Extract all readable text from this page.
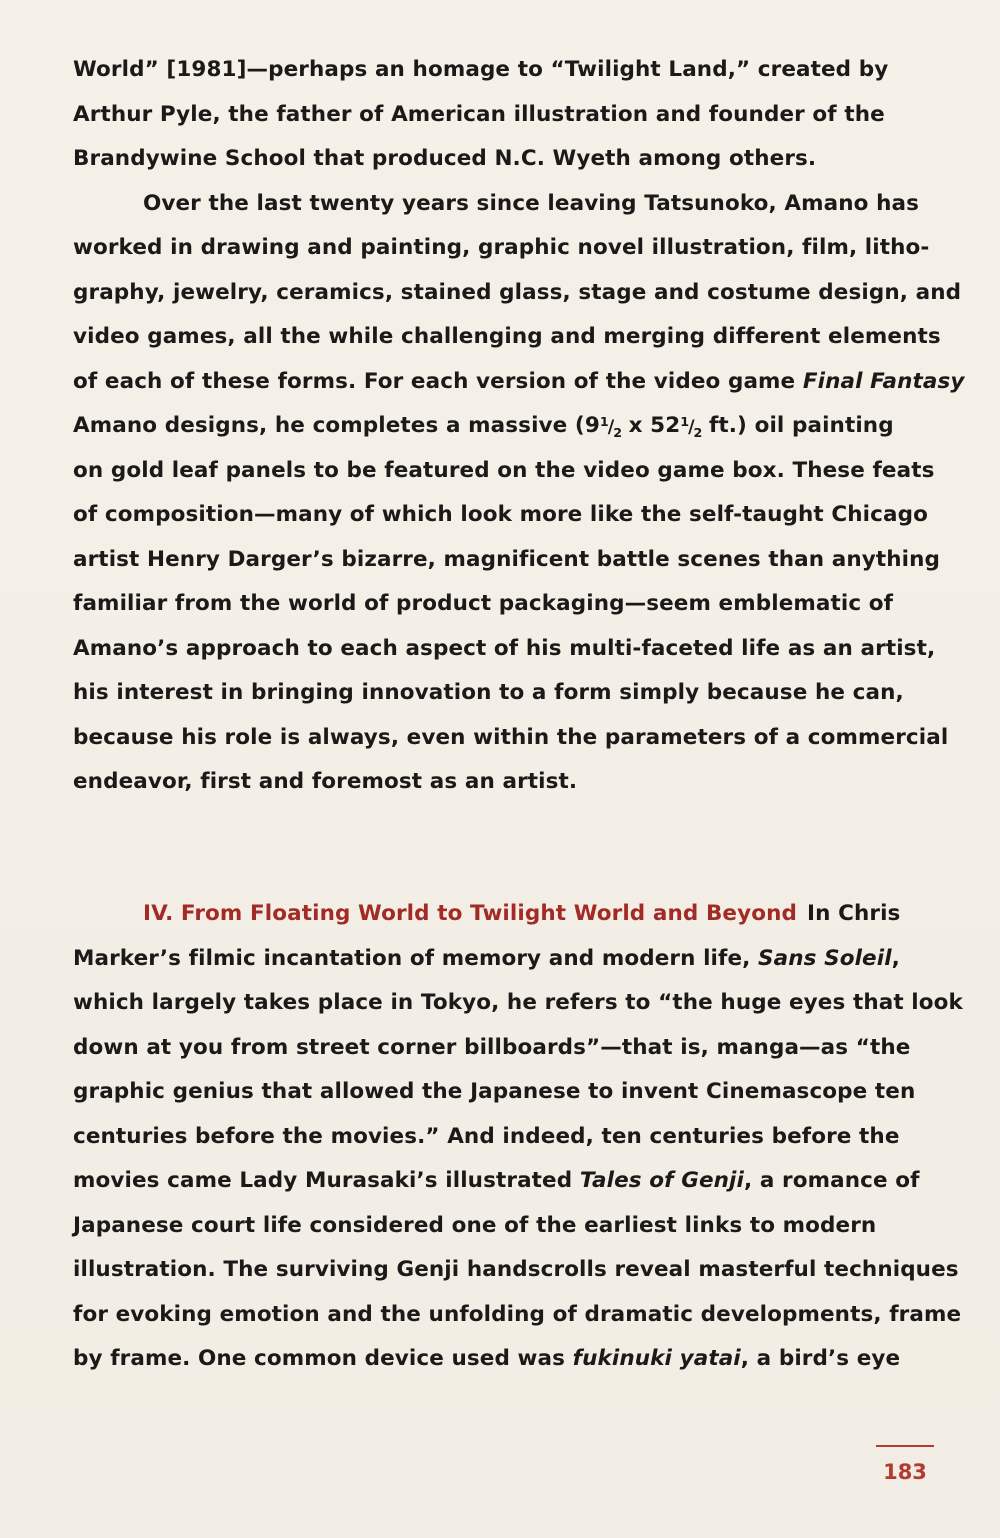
World” [1981]—perhaps an homage to “Twilight Land,” created by
Arthur Pyle, the father of American illustration and founder of the
Brandywine School that produced N.C. Wyeth among others.
Over the last twenty years since leaving Tatsunoko, Amano has
worked in drawing and painting, graphic novel illustration, film, litho-
graphy, jewelry, ceramics, stained glass, stage and costume design, and
video games, all the while challenging and merging different elements
of each of these forms. For each version of the video game Final Fantasy
Amano designs, he completes a massive ($9^1/_2$ x $52^1/_2$ ft.) oil painting
on gold leaf panels to be featured on the video game box. These feats
of composition—many of which look more like the self-taught Chicago
artist Henry Darger’s bizarre, magnificent battle scenes than anything
familiar from the world of product packaging—seem emblematic of
Amano’s approach to each aspect of his multi-faceted life as an artist,
his interest in bringing innovation to a form simply because he can,
because his role is always, even within the parameters of a commercial
endeavor, first and foremost as an artist.
IV. From Floating World to Twilight World and Beyond In Chris
Marker’s filmic incantation of memory and modern life, Sans Soleil,
which largely takes place in Tokyo, he refers to “the huge eyes that look
down at you from street corner billboards”—that is, manga—as “the
graphic genius that allowed the Japanese to invent Cinemascope ten
centuries before the movies.” And indeed, ten centuries before the
movies came Lady Murasaki’s illustrated Tales of Genji, a romance of
Japanese court life considered one of the earliest links to modern
illustration. The surviving Genji handscrolls reveal masterful techniques
for evoking emotion and the unfolding of dramatic developments, frame
by frame. One common device used was fukinuki yatai, a bird’s eye
183
